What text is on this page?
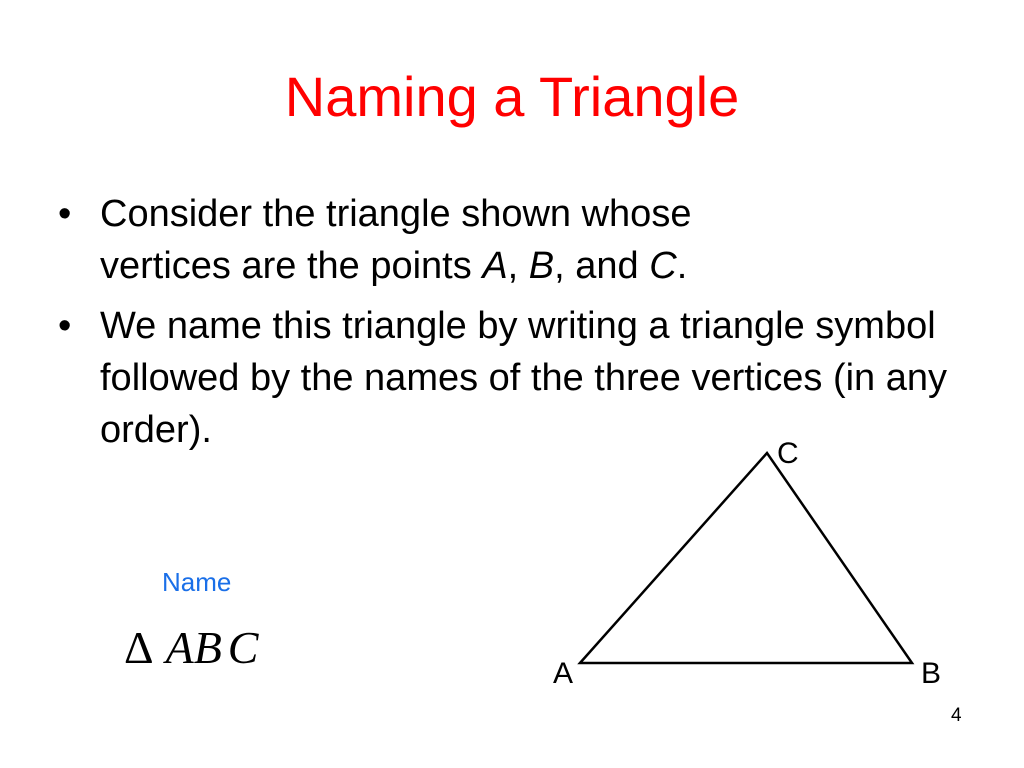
Naming a Triangle
• Consider the triangle shown whose
vertices are the points A, B, and C.
• We name this triangle by writing a triangle symbol followed by the names of the three vertices (in any order).
Name
Δ AB C
C
A	B
4
